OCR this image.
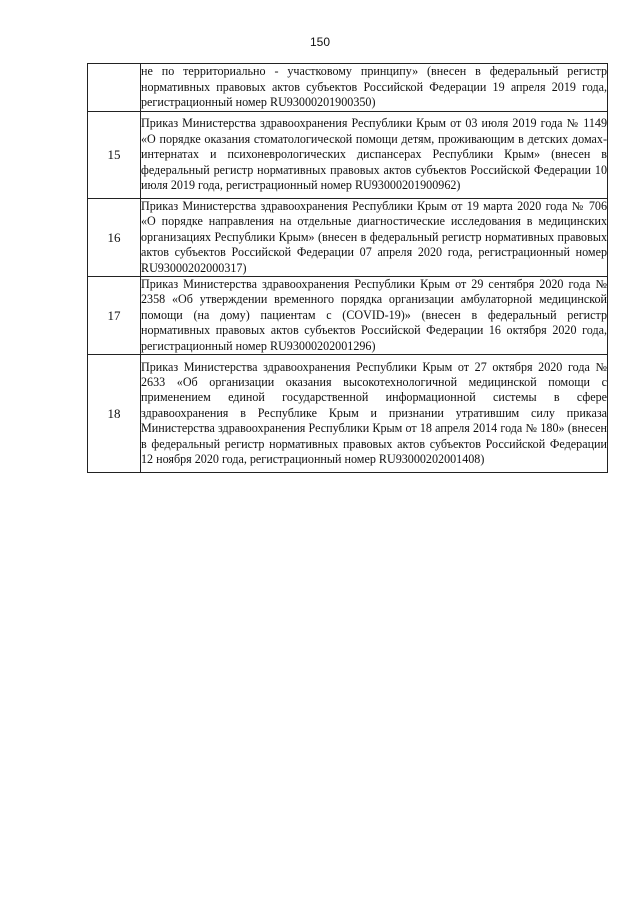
150
	не по территориально - участковому принципу» (внесен в федеральный регистр нормативных правовых актов субъектов Российской Федерации 19 апреля 2019 года, регистрационный номер RU93000201900350)
15	Приказ Министерства здравоохранения Республики Крым от 03 июля 2019 года № 1149 «О порядке оказания стоматологической помощи детям, проживающим в детских домах-интернатах и психоневрологических диспансерах Республики Крым» (внесен в федеральный регистр нормативных правовых актов субъектов Российской Федерации 10 июля 2019 года, регистрационный номер RU93000201900962)
16	Приказ Министерства здравоохранения Республики Крым от 19 марта 2020 года № 706 «О порядке направления на отдельные диагностические исследования в медицинских организациях Республики Крым» (внесен в федеральный регистр нормативных правовых актов субъектов Российской Федерации 07 апреля 2020 года, регистрационный номер RU93000202000317)
17	Приказ Министерства здравоохранения Республики Крым от 29 сентября 2020 года № 2358 «Об утверждении временного порядка организации амбулаторной медицинской помощи (на дому) пациентам с (COVID-19)» (внесен в федеральный регистр нормативных правовых актов субъектов Российской Федерации 16 октября 2020 года, регистрационный номер RU93000202001296)
18	Приказ Министерства здравоохранения Республики Крым от 27 октября 2020 года № 2633 «Об организации оказания высокотехнологичной медицинской помощи с применением единой государственной информационной системы в сфере здравоохранения в Республике Крым и признании утратившим силу приказа Министерства здравоохранения Республики Крым от 18 апреля 2014 года № 180» (внесен в федеральный регистр нормативных правовых актов субъектов Российской Федерации 12 ноября 2020 года, регистрационный номер RU93000202001408)
